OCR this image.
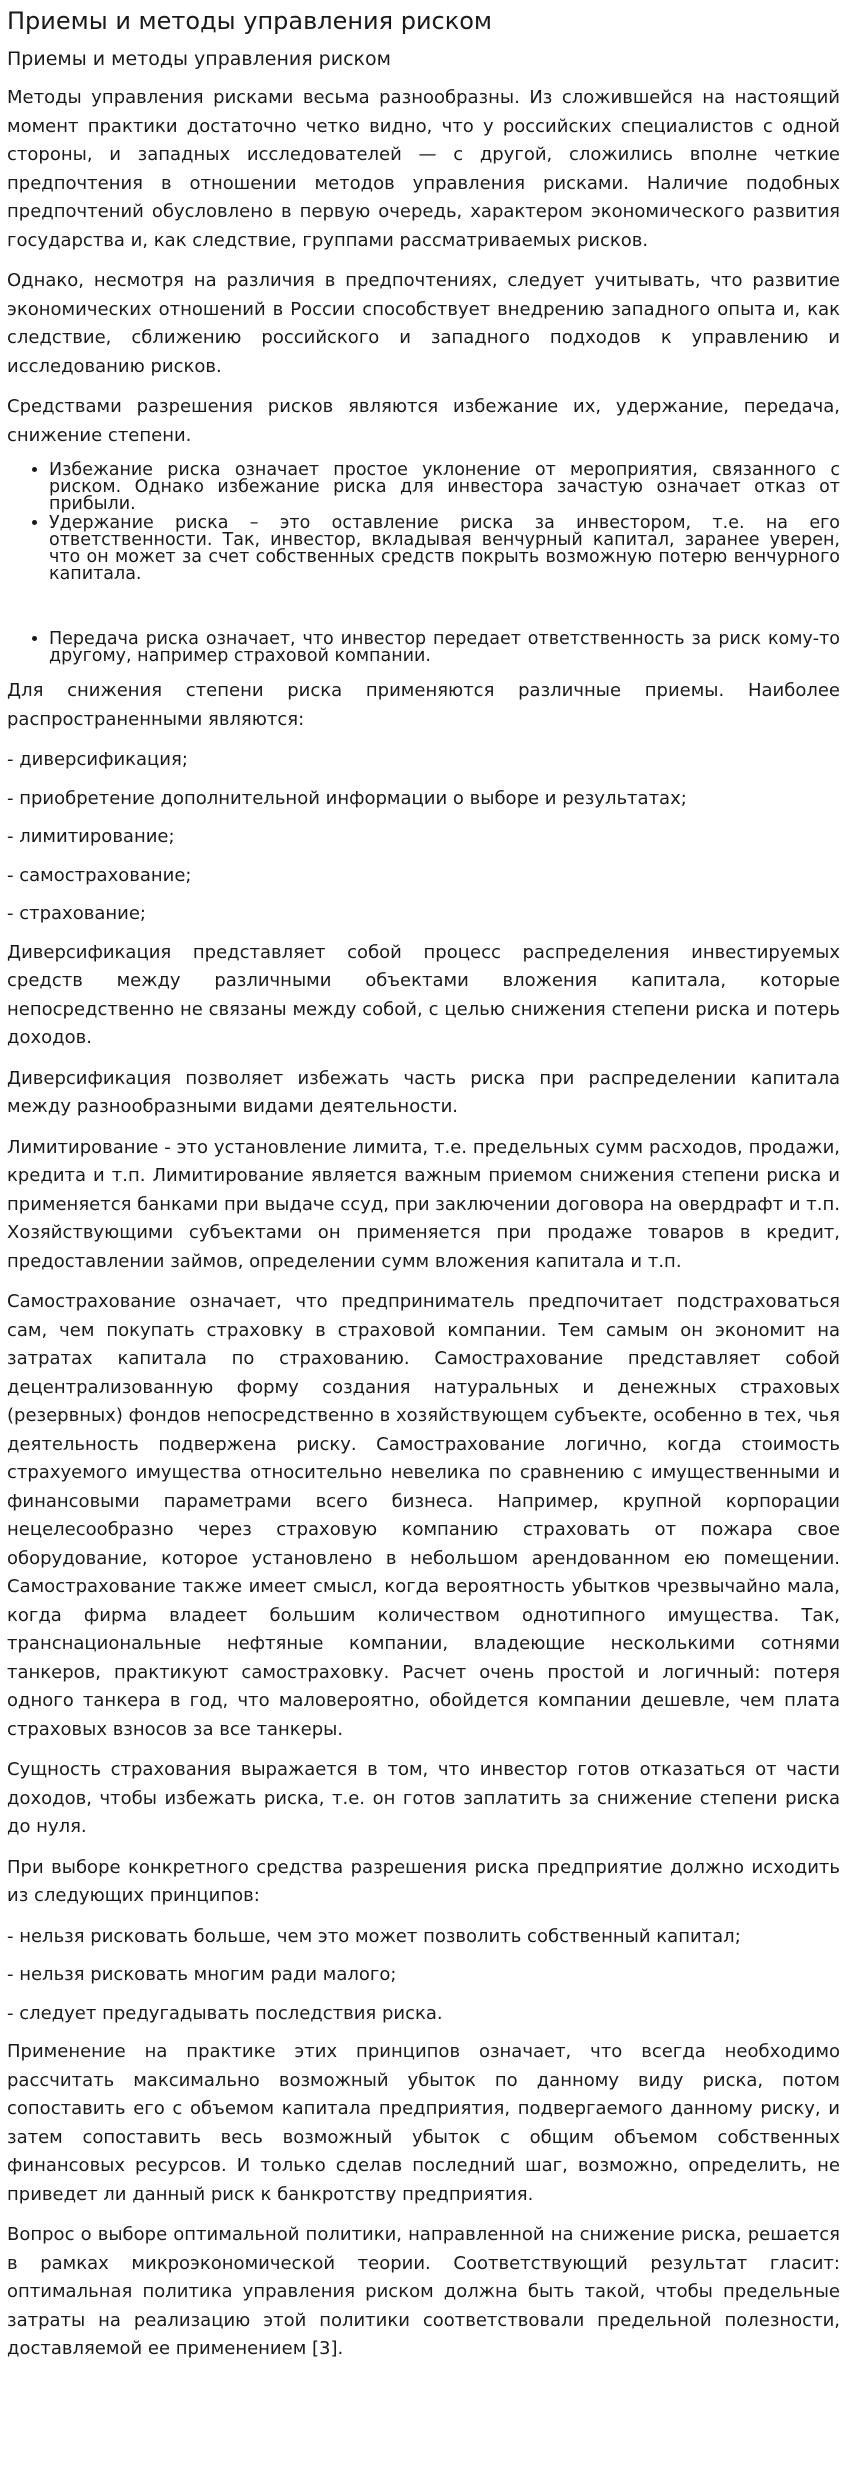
Приемы и методы управления риском
Приемы и методы управления риском

Методы управления рисками весьма разнообразны. Из сложившейся на настоящий момент практики достаточно четко видно, что у российских специалистов с одной стороны, и западных исследователей — с другой, сложились вполне четкие предпочтения в отношении методов управления рисками. Наличие подобных предпочтений обусловлено в первую очередь, характером экономического развития государства и, как следствие, группами рассматриваемых рисков.

Однако, несмотря на различия в предпочтениях, следует учитывать, что развитие экономических отношений в России способствует внедрению западного опыта и, как следствие, сближению российского и западного подходов к управлению и исследованию рисков.

Средствами разрешения рисков являются избежание их, удержание, передача, снижение степени.

• Избежание риска означает простое уклонение от мероприятия, связанного с риском. Однако избежание риска для инвестора зачастую означает отказ от прибыли.
• Удержание риска – это оставление риска за инвестором, т.е. на его ответственности. Так, инвестор, вкладывая венчурный капитал, заранее уверен, что он может за счет собственных средств покрыть возможную потерю венчурного капитала.
• Передача риска означает, что инвестор передает ответственность за риск кому-то другому, например страховой компании.

Для снижения степени риска применяются различные приемы. Наиболее распространенными являются:

- диверсификация;
- приобретение дополнительной информации о выборе и результатах;
- лимитирование;
- самострахование;
- страхование;

Диверсификация представляет собой процесс распределения инвестируемых средств между различными объектами вложения капитала, которые непосредственно не связаны между собой, с целью снижения степени риска и потерь доходов.

Диверсификация позволяет избежать часть риска при распределении капитала между разнообразными видами деятельности.

Лимитирование - это установление лимита, т.е. предельных сумм расходов, продажи, кредита и т.п. Лимитирование является важным приемом снижения степени риска и применяется банками при выдаче ссуд, при заключении договора на овердрафт и т.п. Хозяйствующими субъектами он применяется при продаже товаров в кредит, предоставлении займов, определении сумм вложения капитала и т.п.

Самострахование означает, что предприниматель предпочитает подстраховаться сам, чем покупать страховку в страховой компании. Тем самым он экономит на затратах капитала по страхованию. Самострахование представляет собой децентрализованную форму создания натуральных и денежных страховых (резервных) фондов непосредственно в хозяйствующем субъекте, особенно в тех, чья деятельность подвержена риску. Самострахование логично, когда стоимость страхуемого имущества относительно невелика по сравнению с имущественными и финансовыми параметрами всего бизнеса. Например, крупной корпорации нецелесообразно через страховую компанию страховать от пожара свое оборудование, которое установлено в небольшом арендованном ею помещении. Самострахование также имеет смысл, когда вероятность убытков чрезвычайно мала, когда фирма владеет большим количеством однотипного имущества. Так, транснациональные нефтяные компании, владеющие несколькими сотнями танкеров, практикуют самостраховку. Расчет очень простой и логичный: потеря одного танкера в год, что маловероятно, обойдется компании дешевле, чем плата страховых взносов за все танкеры.

Сущность страхования выражается в том, что инвестор готов отказаться от части доходов, чтобы избежать риска, т.е. он готов заплатить за снижение степени риска до нуля.

При выборе конкретного средства разрешения риска предприятие должно исходить из следующих принципов:

- нельзя рисковать больше, чем это может позволить собственный капитал;
- нельзя рисковать многим ради малого;
- следует предугадывать последствия риска.

Применение на практике этих принципов означает, что всегда необходимо рассчитать максимально возможный убыток по данному виду риска, потом сопоставить его с объемом капитала предприятия, подвергаемого данному риску, и затем сопоставить весь возможный убыток с общим объемом собственных финансовых ресурсов. И только сделав последний шаг, возможно, определить, не приведет ли данный риск к банкротству предприятия.

Вопрос о выборе оптимальной политики, направленной на снижение риска, решается в рамках микроэкономической теории. Соответствующий результат гласит: оптимальная политика управления риском должна быть такой, чтобы предельные затраты на реализацию этой политики соответствовали предельной полезности, доставляемой ее применением [3].
